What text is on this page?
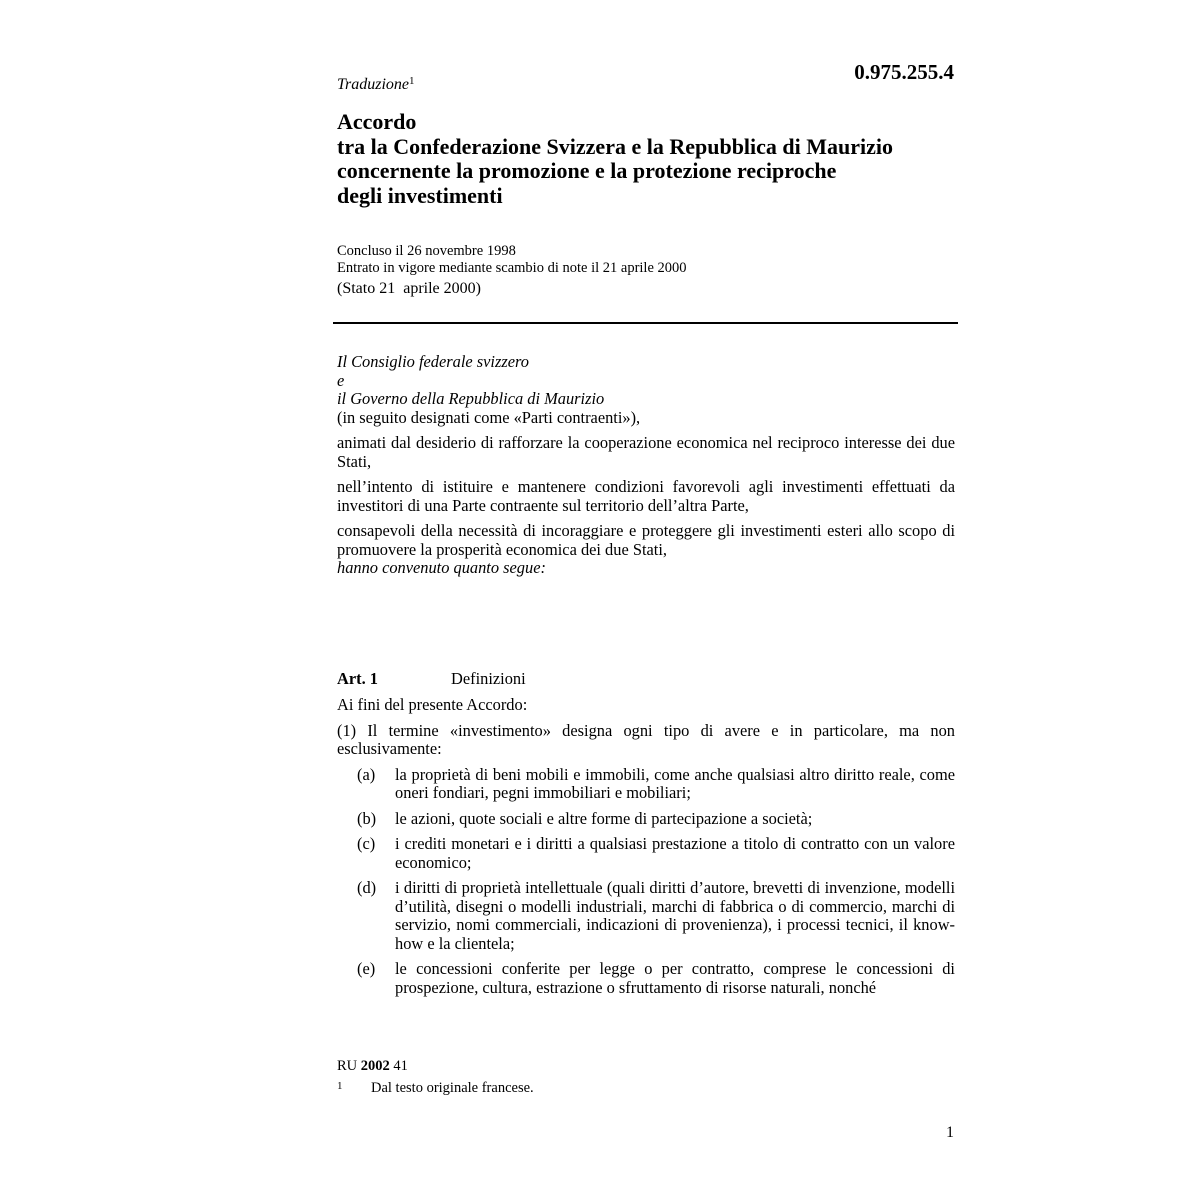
Traduzione$^1$	0.975.255.4
Accordo
tra la Confederazione Svizzera e la Repubblica di Maurizio
concernente la promozione e la protezione reciproche
degli investimenti
Concluso il 26 novembre 1998
Entrato in vigore mediante scambio di note il 21 aprile 2000
(Stato 21  aprile 2000)

Il Consiglio federale svizzero

e

il Governo della Repubblica di Maurizio

(in seguito designati come «Parti contraenti»),

animati dal desiderio di rafforzare la cooperazione economica nel reciproco interesse dei due Stati,

nell’intento di istituire e mantenere condizioni favorevoli agli investimenti effettuati da investitori di una Parte contraente sul territorio dell’altra Parte,

consapevoli della necessità di incoraggiare e proteggere gli investimenti esteri allo scopo di promuovere la prosperità economica dei due Stati,

hanno convenuto quanto segue:

Art. 1	Definizioni

Ai fini del presente Accordo:

(1) Il termine «investimento» designa ogni tipo di avere e in particolare, ma non esclusivamente:

(a) la proprietà di beni mobili e immobili, come anche qualsiasi altro diritto reale, come oneri fondiari, pegni immobiliari e mobiliari;
(b) le azioni, quote sociali e altre forme di partecipazione a società;
(c) i crediti monetari e i diritti a qualsiasi prestazione a titolo di contratto con un valore economico;
(d) i diritti di proprietà intellettuale (quali diritti d’autore, brevetti di invenzione, modelli d’utilità, disegni o modelli industriali, marchi di fabbrica o di commercio, marchi di servizio, nomi commerciali, indicazioni di provenienza), i processi tecnici, il know-how e la clientela;
(e) le concessioni conferite per legge o per contratto, comprese le concessioni di prospezione, cultura, estrazione o sfruttamento di risorse naturali, nonché
RU 2002 41
1 Dal testo originale francese.
1
